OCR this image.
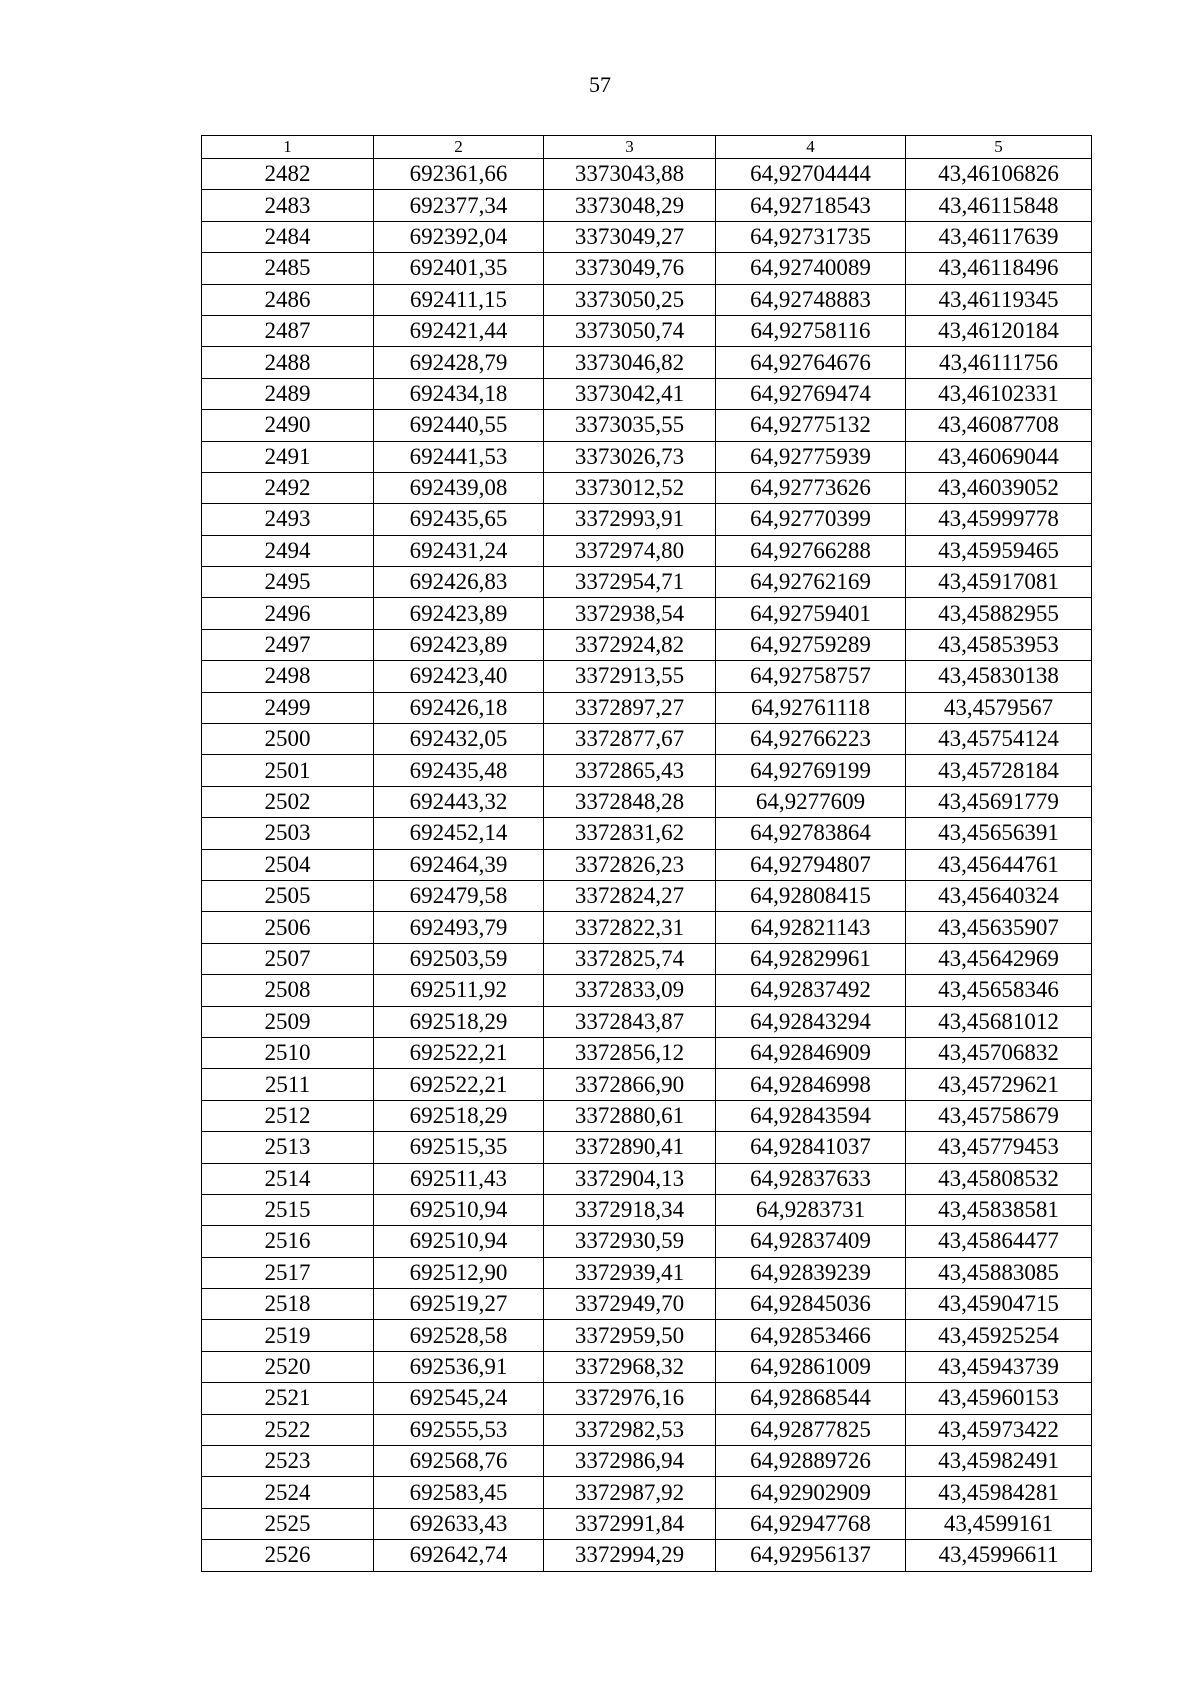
57
1	2	3	4	5
2482	692361,66	3373043,88	64,92704444	43,46106826
2483	692377,34	3373048,29	64,92718543	43,46115848
2484	692392,04	3373049,27	64,92731735	43,46117639
2485	692401,35	3373049,76	64,92740089	43,46118496
2486	692411,15	3373050,25	64,92748883	43,46119345
2487	692421,44	3373050,74	64,92758116	43,46120184
2488	692428,79	3373046,82	64,92764676	43,46111756
2489	692434,18	3373042,41	64,92769474	43,46102331
2490	692440,55	3373035,55	64,92775132	43,46087708
2491	692441,53	3373026,73	64,92775939	43,46069044
2492	692439,08	3373012,52	64,92773626	43,46039052
2493	692435,65	3372993,91	64,92770399	43,45999778
2494	692431,24	3372974,80	64,92766288	43,45959465
2495	692426,83	3372954,71	64,92762169	43,45917081
2496	692423,89	3372938,54	64,92759401	43,45882955
2497	692423,89	3372924,82	64,92759289	43,45853953
2498	692423,40	3372913,55	64,92758757	43,45830138
2499	692426,18	3372897,27	64,92761118	43,4579567
2500	692432,05	3372877,67	64,92766223	43,45754124
2501	692435,48	3372865,43	64,92769199	43,45728184
2502	692443,32	3372848,28	64,9277609	43,45691779
2503	692452,14	3372831,62	64,92783864	43,45656391
2504	692464,39	3372826,23	64,92794807	43,45644761
2505	692479,58	3372824,27	64,92808415	43,45640324
2506	692493,79	3372822,31	64,92821143	43,45635907
2507	692503,59	3372825,74	64,92829961	43,45642969
2508	692511,92	3372833,09	64,92837492	43,45658346
2509	692518,29	3372843,87	64,92843294	43,45681012
2510	692522,21	3372856,12	64,92846909	43,45706832
2511	692522,21	3372866,90	64,92846998	43,45729621
2512	692518,29	3372880,61	64,92843594	43,45758679
2513	692515,35	3372890,41	64,92841037	43,45779453
2514	692511,43	3372904,13	64,92837633	43,45808532
2515	692510,94	3372918,34	64,9283731	43,45838581
2516	692510,94	3372930,59	64,92837409	43,45864477
2517	692512,90	3372939,41	64,92839239	43,45883085
2518	692519,27	3372949,70	64,92845036	43,45904715
2519	692528,58	3372959,50	64,92853466	43,45925254
2520	692536,91	3372968,32	64,92861009	43,45943739
2521	692545,24	3372976,16	64,92868544	43,45960153
2522	692555,53	3372982,53	64,92877825	43,45973422
2523	692568,76	3372986,94	64,92889726	43,45982491
2524	692583,45	3372987,92	64,92902909	43,45984281
2525	692633,43	3372991,84	64,92947768	43,4599161
2526	692642,74	3372994,29	64,92956137	43,45996611
